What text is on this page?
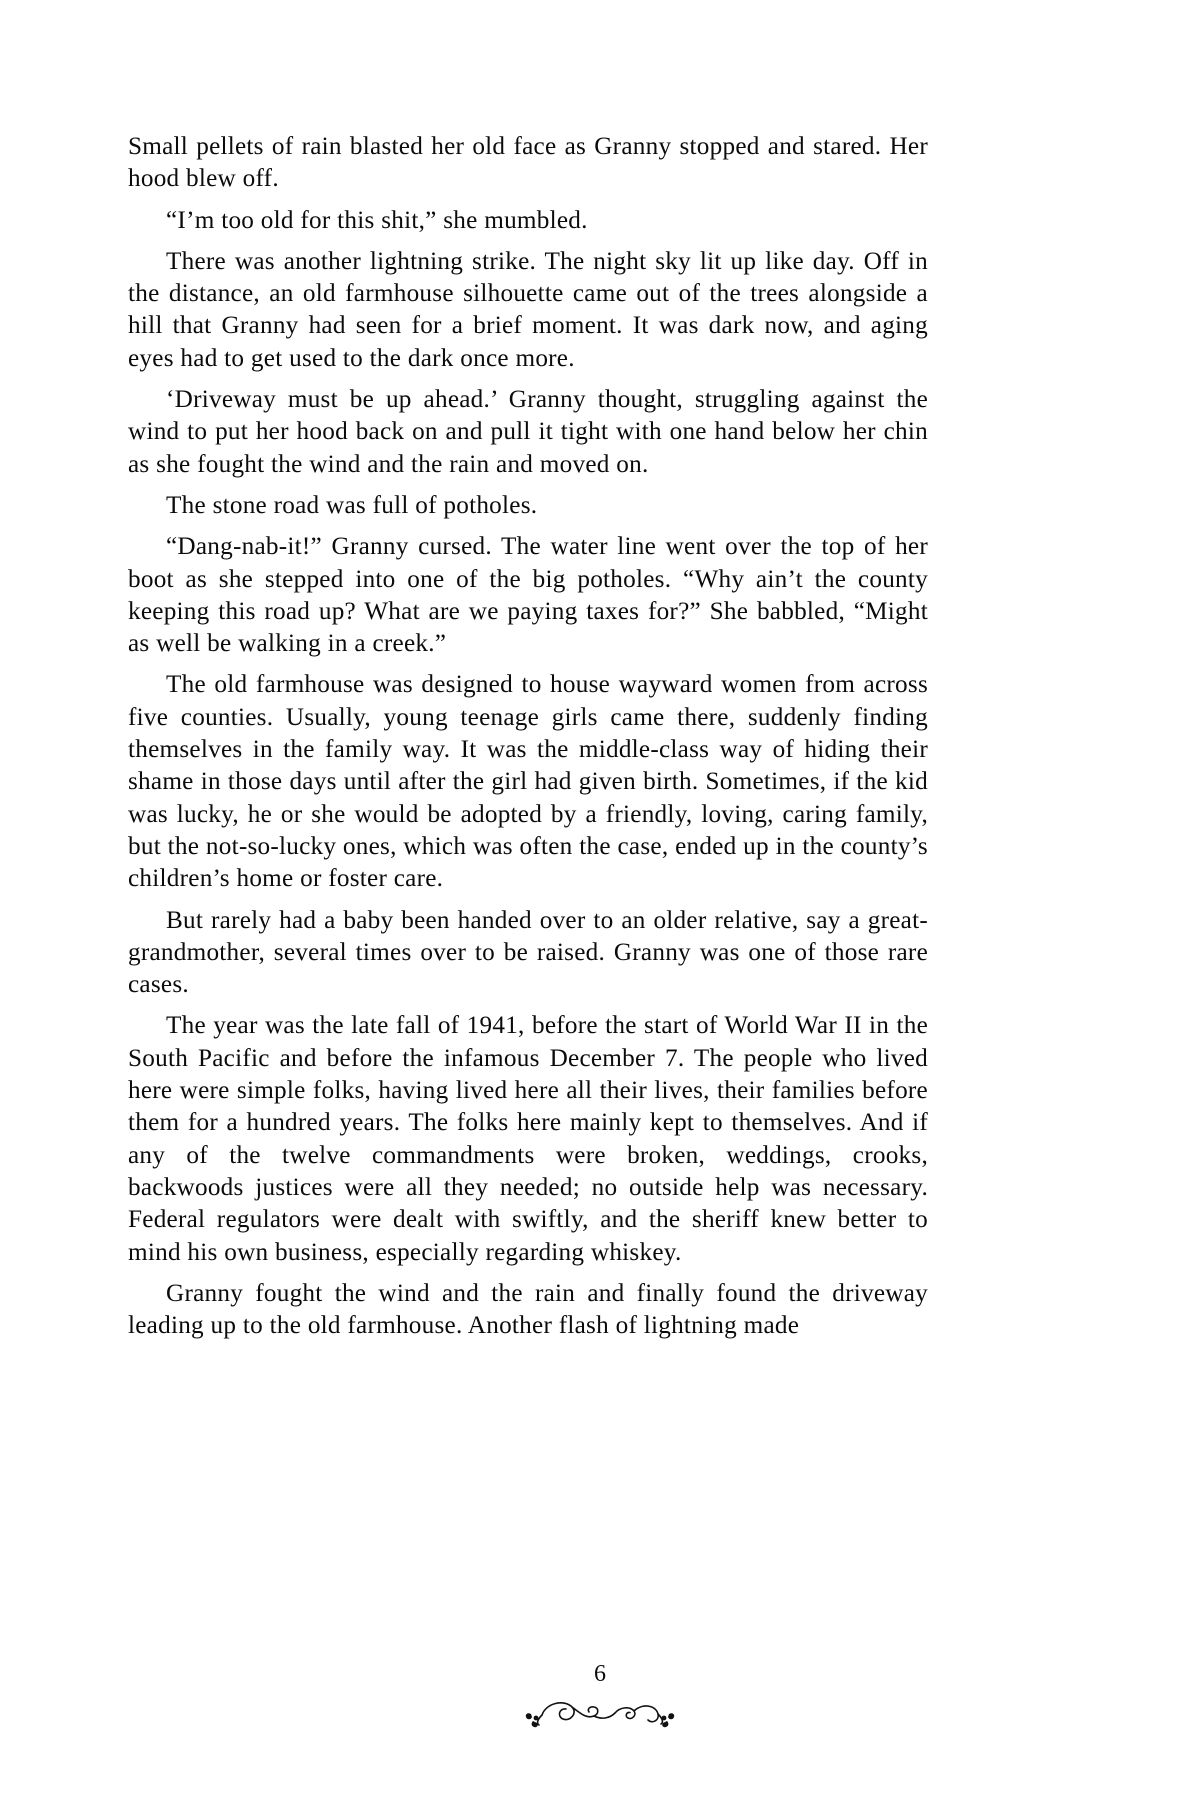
Small pellets of rain blasted her old face as Granny stopped and stared. Her hood blew off.

“I’m too old for this shit,” she mumbled.

There was another lightning strike. The night sky lit up like day. Off in the distance, an old farmhouse silhouette came out of the trees alongside a hill that Granny had seen for a brief moment. It was dark now, and aging eyes had to get used to the dark once more.

‘Driveway must be up ahead.’ Granny thought, struggling against the wind to put her hood back on and pull it tight with one hand below her chin as she fought the wind and the rain and moved on.

The stone road was full of potholes.

“Dang-nab-it!” Granny cursed. The water line went over the top of her boot as she stepped into one of the big potholes. “Why ain’t the county keeping this road up? What are we paying taxes for?” She babbled, “Might as well be walking in a creek.”

The old farmhouse was designed to house wayward women from across five counties. Usually, young teenage girls came there, suddenly finding themselves in the family way. It was the middle-class way of hiding their shame in those days until after the girl had given birth. Sometimes, if the kid was lucky, he or she would be adopted by a friendly, loving, caring family, but the not-so-lucky ones, which was often the case, ended up in the county’s children’s home or foster care.

But rarely had a baby been handed over to an older relative, say a great-grandmother, several times over to be raised. Granny was one of those rare cases.

The year was the late fall of 1941, before the start of World War II in the South Pacific and before the infamous December 7. The people who lived here were simple folks, having lived here all their lives, their families before them for a hundred years. The folks here mainly kept to themselves. And if any of the twelve commandments were broken, weddings, crooks, backwoods justices were all they needed; no outside help was necessary. Federal regulators were dealt with swiftly, and the sheriff knew better to mind his own business, especially regarding whiskey.

Granny fought the wind and the rain and finally found the driveway leading up to the old farmhouse. Another flash of lightning made

6
